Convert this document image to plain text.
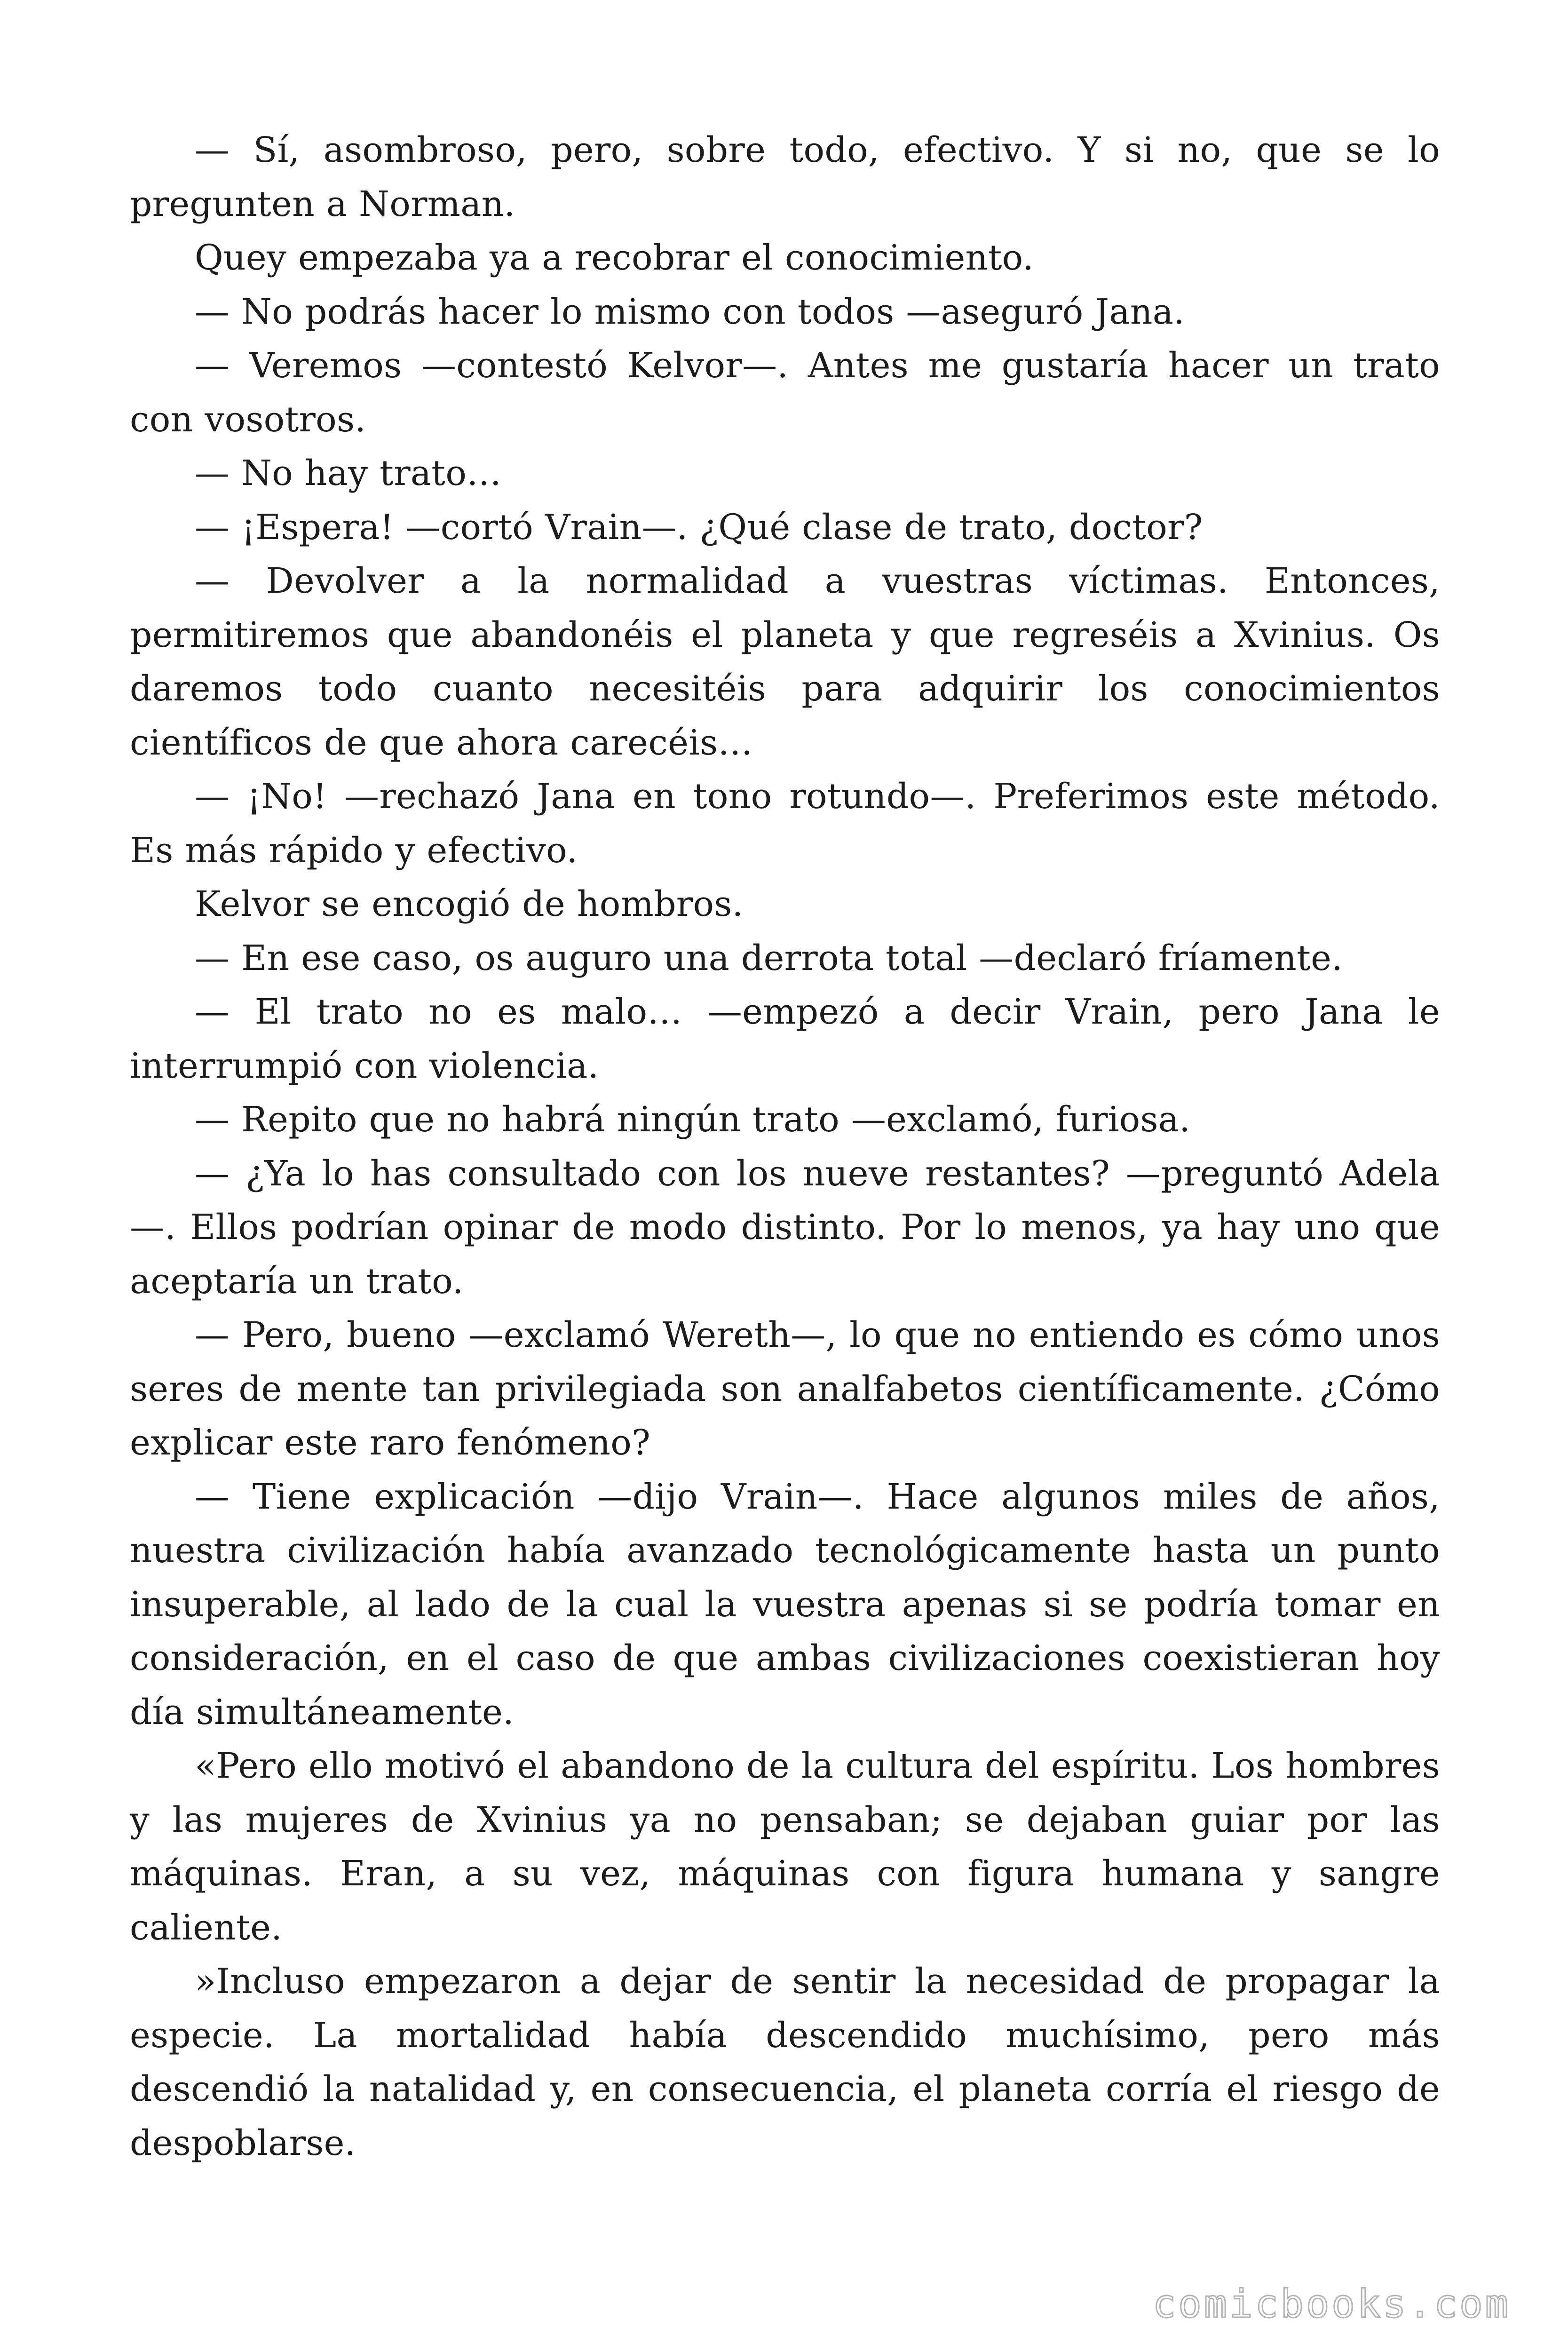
— Sí, asombroso, pero, sobre todo, efectivo. Y si no, que se lo pregunten a Norman.

Quey empezaba ya a recobrar el conocimiento.

— No podrás hacer lo mismo con todos —aseguró Jana.

— Veremos —contestó Kelvor—. Antes me gustaría hacer un trato con vosotros.

— No hay trato…

— ¡Espera! —cortó Vrain—. ¿Qué clase de trato, doctor?

— Devolver a la normalidad a vuestras víctimas. Entonces, permitiremos que abandonéis el planeta y que regreséis a Xvinius. Os daremos todo cuanto necesitéis para adquirir los conocimientos científicos de que ahora carecéis…

— ¡No! —rechazó Jana en tono rotundo—. Preferimos este método. Es más rápido y efectivo.

Kelvor se encogió de hombros.

— En ese caso, os auguro una derrota total —declaró fríamente.

— El trato no es malo… —empezó a decir Vrain, pero Jana le interrumpió con violencia.

— Repito que no habrá ningún trato —exclamó, furiosa.

— ¿Ya lo has consultado con los nueve restantes? —preguntó Adela—. Ellos podrían opinar de modo distinto. Por lo menos, ya hay uno que aceptaría un trato.

— Pero, bueno —exclamó Wereth—, lo que no entiendo es cómo unos seres de mente tan privilegiada son analfabetos científicamente. ¿Cómo explicar este raro fenómeno?

— Tiene explicación —dijo Vrain—. Hace algunos miles de años, nuestra civilización había avanzado tecnológicamente hasta un punto insuperable, al lado de la cual la vuestra apenas si se podría tomar en consideración, en el caso de que ambas civilizaciones coexistieran hoy día simultáneamente.

«Pero ello motivó el abandono de la cultura del espíritu. Los hombres y las mujeres de Xvinius ya no pensaban; se dejaban guiar por las máquinas. Eran, a su vez, máquinas con figura humana y sangre caliente.

»Incluso empezaron a dejar de sentir la necesidad de propagar la especie. La mortalidad había descendido muchísimo, pero más descendió la natalidad y, en consecuencia, el planeta corría el riesgo de despoblarse.

comicbooks.com
